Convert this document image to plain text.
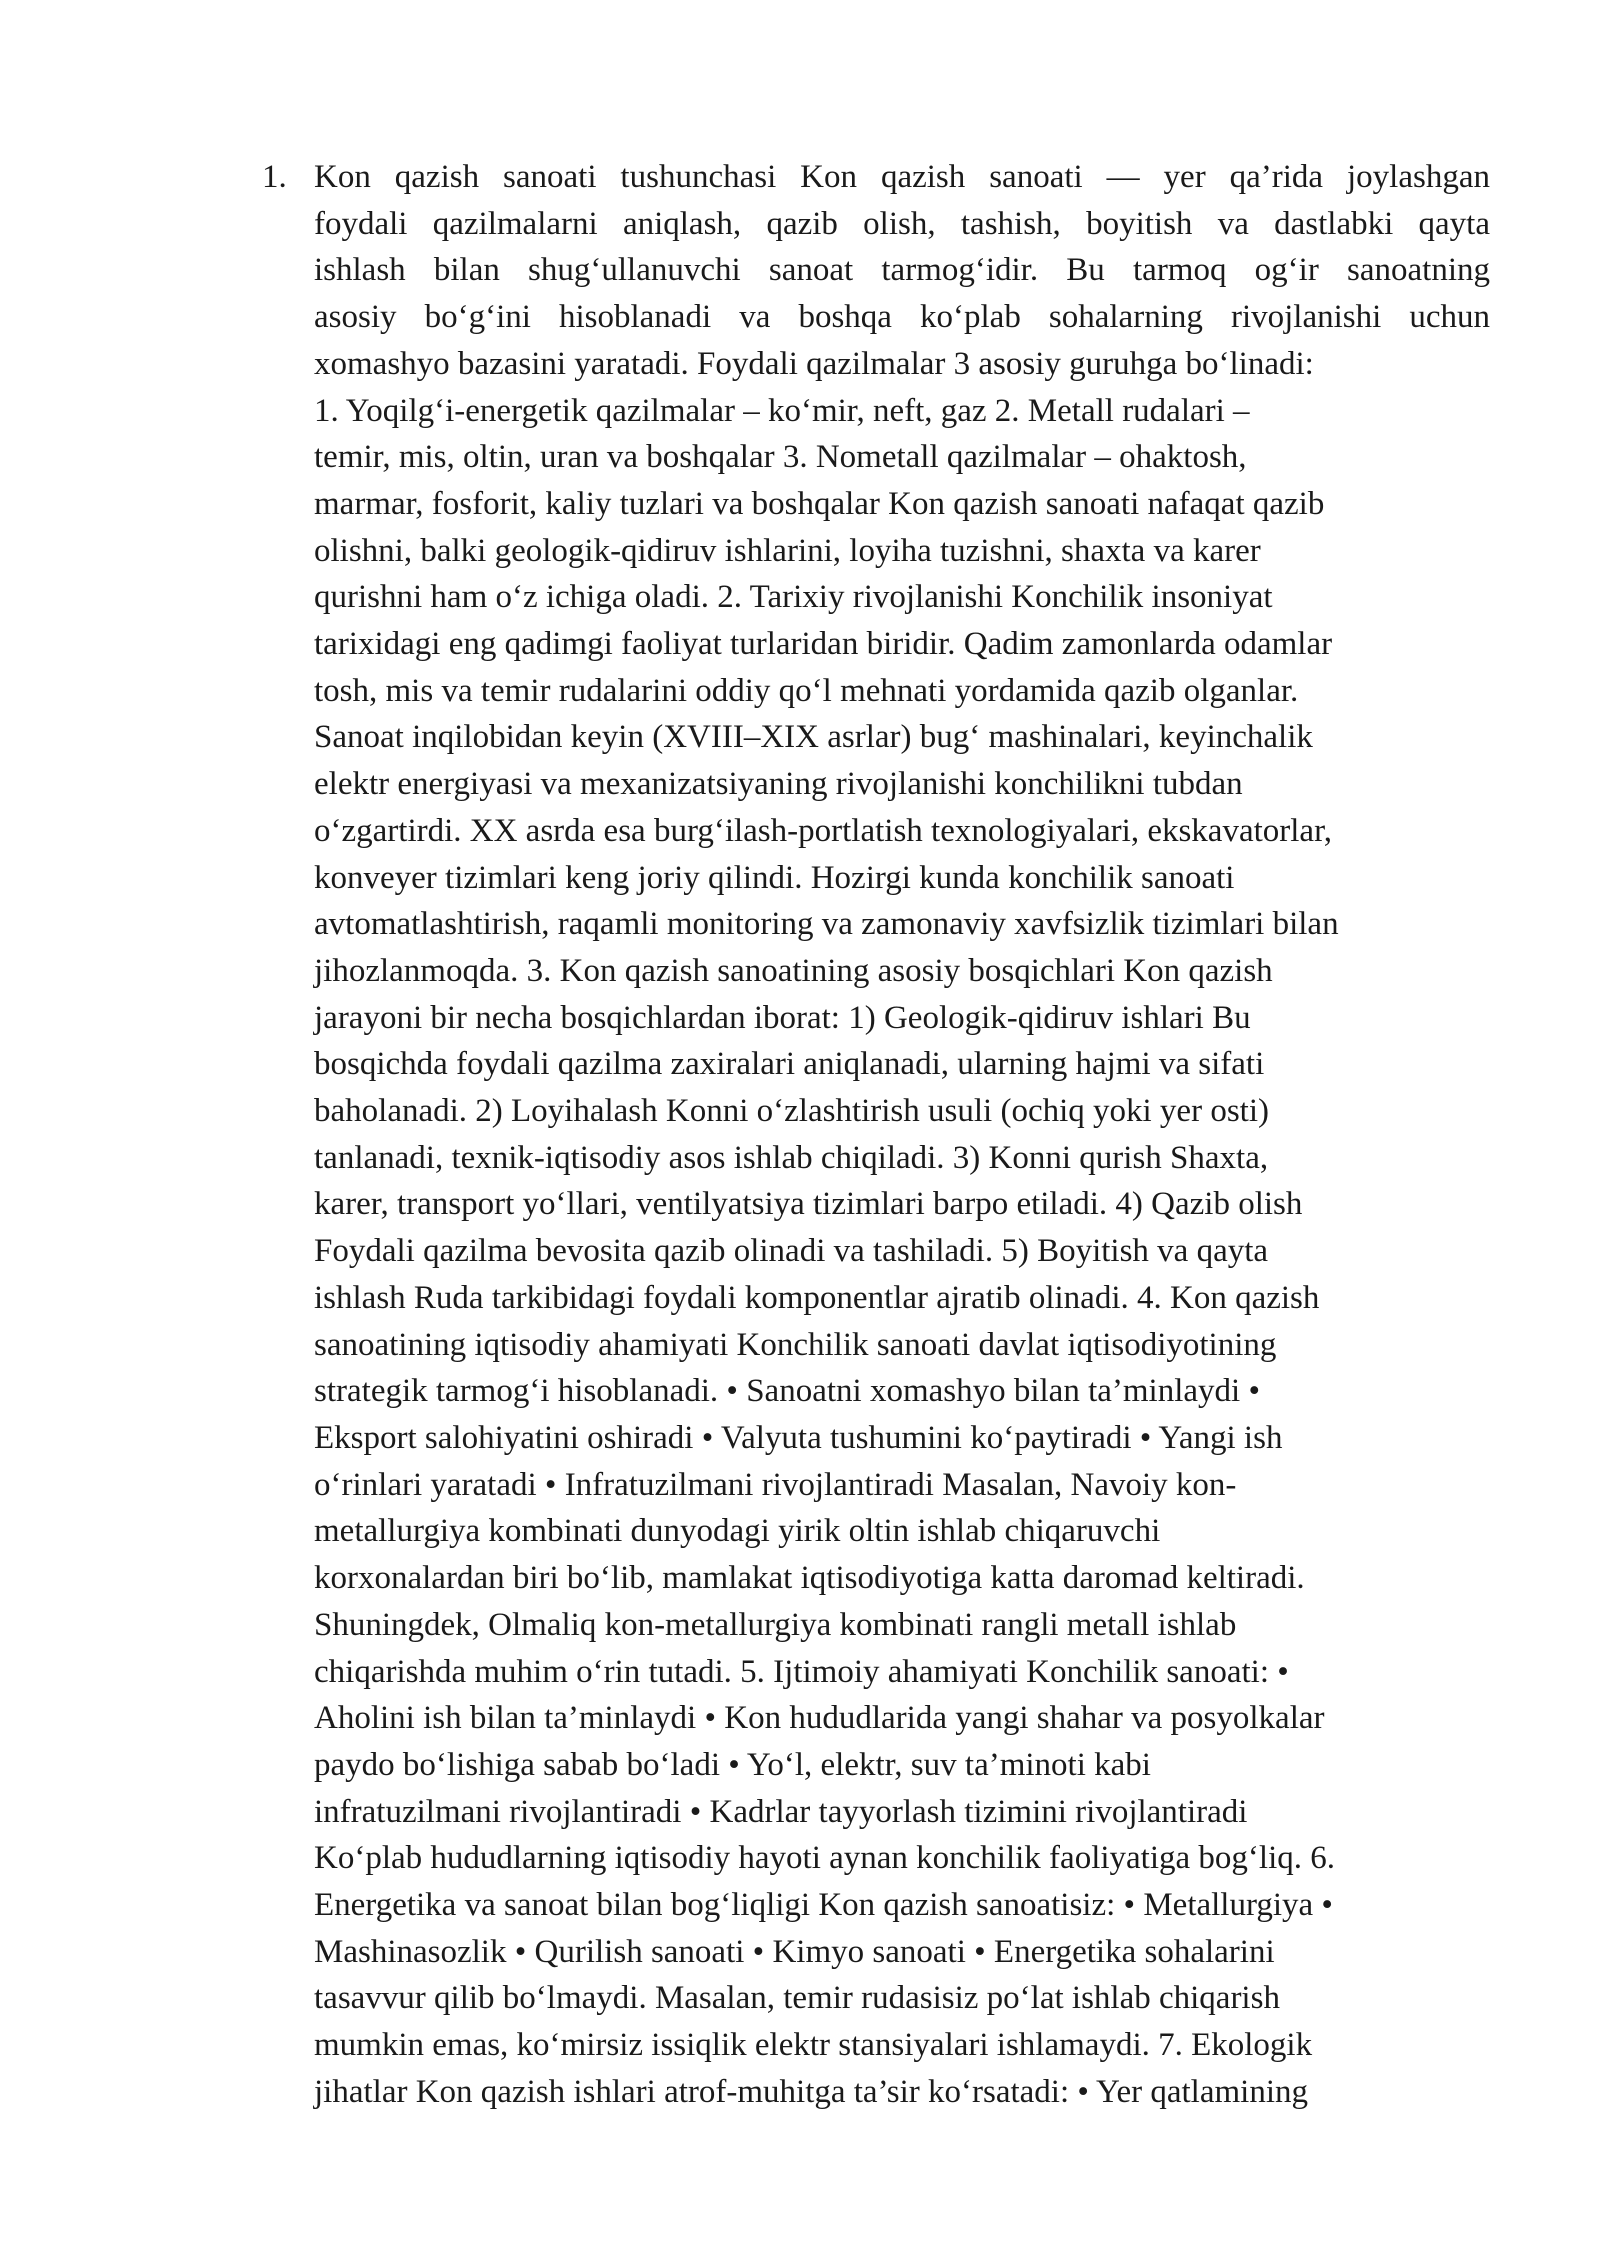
1. Kon qazish sanoati tushunchasi Kon qazish sanoati — yer qa’rida joylashgan
foydali qazilmalarni aniqlash, qazib olish, tashish, boyitish va dastlabki qayta
ishlash bilan shug‘ullanuvchi sanoat tarmog‘idir. Bu tarmoq og‘ir sanoatning
asosiy bo‘g‘ini hisoblanadi va boshqa ko‘plab sohalarning rivojlanishi uchun
xomashyo bazasini yaratadi. Foydali qazilmalar 3 asosiy guruhga bo‘linadi:
1. Yoqilg‘i-energetik qazilmalar – ko‘mir, neft, gaz 2. Metall rudalari –
temir, mis, oltin, uran va boshqalar 3. Nometall qazilmalar – ohaktosh,
marmar, fosforit, kaliy tuzlari va boshqalar Kon qazish sanoati nafaqat qazib
olishni, balki geologik-qidiruv ishlarini, loyiha tuzishni, shaxta va karer
qurishni ham o‘z ichiga oladi. 2. Tarixiy rivojlanishi Konchilik insoniyat
tarixidagi eng qadimgi faoliyat turlaridan biridir. Qadim zamonlarda odamlar
tosh, mis va temir rudalarini oddiy qo‘l mehnati yordamida qazib olganlar.
Sanoat inqilobidan keyin (XVIII–XIX asrlar) bug‘ mashinalari, keyinchalik
elektr energiyasi va mexanizatsiyaning rivojlanishi konchilikni tubdan
o‘zgartirdi. XX asrda esa burg‘ilash-portlatish texnologiyalari, ekskavatorlar,
konveyer tizimlari keng joriy qilindi. Hozirgi kunda konchilik sanoati
avtomatlashtirish, raqamli monitoring va zamonaviy xavfsizlik tizimlari bilan
jihozlanmoqda. 3. Kon qazish sanoatining asosiy bosqichlari Kon qazish
jarayoni bir necha bosqichlardan iborat: 1) Geologik-qidiruv ishlari Bu
bosqichda foydali qazilma zaxiralari aniqlanadi, ularning hajmi va sifati
baholanadi. 2) Loyihalash Konni o‘zlashtirish usuli (ochiq yoki yer osti)
tanlanadi, texnik-iqtisodiy asos ishlab chiqiladi. 3) Konni qurish Shaxta,
karer, transport yo‘llari, ventilyatsiya tizimlari barpo etiladi. 4) Qazib olish
Foydali qazilma bevosita qazib olinadi va tashiladi. 5) Boyitish va qayta
ishlash Ruda tarkibidagi foydali komponentlar ajratib olinadi. 4. Kon qazish
sanoatining iqtisodiy ahamiyati Konchilik sanoati davlat iqtisodiyotining
strategik tarmog‘i hisoblanadi. • Sanoatni xomashyo bilan ta’minlaydi •
Eksport salohiyatini oshiradi • Valyuta tushumini ko‘paytiradi • Yangi ish
o‘rinlari yaratadi • Infratuzilmani rivojlantiradi Masalan, Navoiy kon-
metallurgiya kombinati dunyodagi yirik oltin ishlab chiqaruvchi
korxonalardan biri bo‘lib, mamlakat iqtisodiyotiga katta daromad keltiradi.
Shuningdek, Olmaliq kon-metallurgiya kombinati rangli metall ishlab
chiqarishda muhim o‘rin tutadi. 5. Ijtimoiy ahamiyati Konchilik sanoati: •
Aholini ish bilan ta’minlaydi • Kon hududlarida yangi shahar va posyolkalar
paydo bo‘lishiga sabab bo‘ladi • Yo‘l, elektr, suv ta’minoti kabi
infratuzilmani rivojlantiradi • Kadrlar tayyorlash tizimini rivojlantiradi
Ko‘plab hududlarning iqtisodiy hayoti aynan konchilik faoliyatiga bog‘liq. 6.
Energetika va sanoat bilan bog‘liqligi Kon qazish sanoatisiz: • Metallurgiya •
Mashinasozlik • Qurilish sanoati • Kimyo sanoati • Energetika sohalarini
tasavvur qilib bo‘lmaydi. Masalan, temir rudasisiz po‘lat ishlab chiqarish
mumkin emas, ko‘mirsiz issiqlik elektr stansiyalari ishlamaydi. 7. Ekologik
jihatlar Kon qazish ishlari atrof-muhitga ta’sir ko‘rsatadi: • Yer qatlamining
